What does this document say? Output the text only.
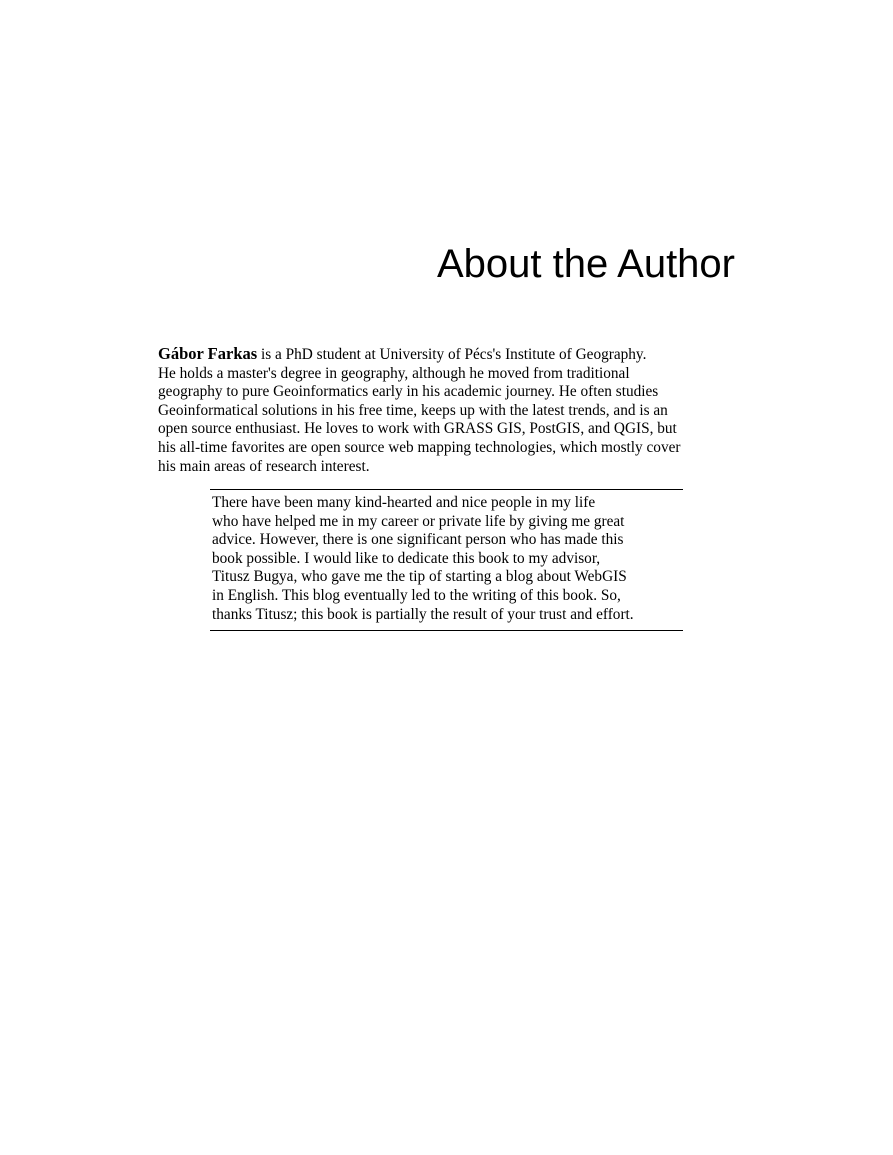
About the Author
Gábor Farkas is a PhD student at University of Pécs's Institute of Geography.
He holds a master's degree in geography, although he moved from traditional
geography to pure Geoinformatics early in his academic journey. He often studies
Geoinformatical solutions in his free time, keeps up with the latest trends, and is an
open source enthusiast. He loves to work with GRASS GIS, PostGIS, and QGIS, but
his all-time favorites are open source web mapping technologies, which mostly cover
his main areas of research interest.
There have been many kind-hearted and nice people in my life
who have helped me in my career or private life by giving me great
advice. However, there is one significant person who has made this
book possible. I would like to dedicate this book to my advisor,
Titusz Bugya, who gave me the tip of starting a blog about WebGIS
in English. This blog eventually led to the writing of this book. So,
thanks Titusz; this book is partially the result of your trust and effort.
